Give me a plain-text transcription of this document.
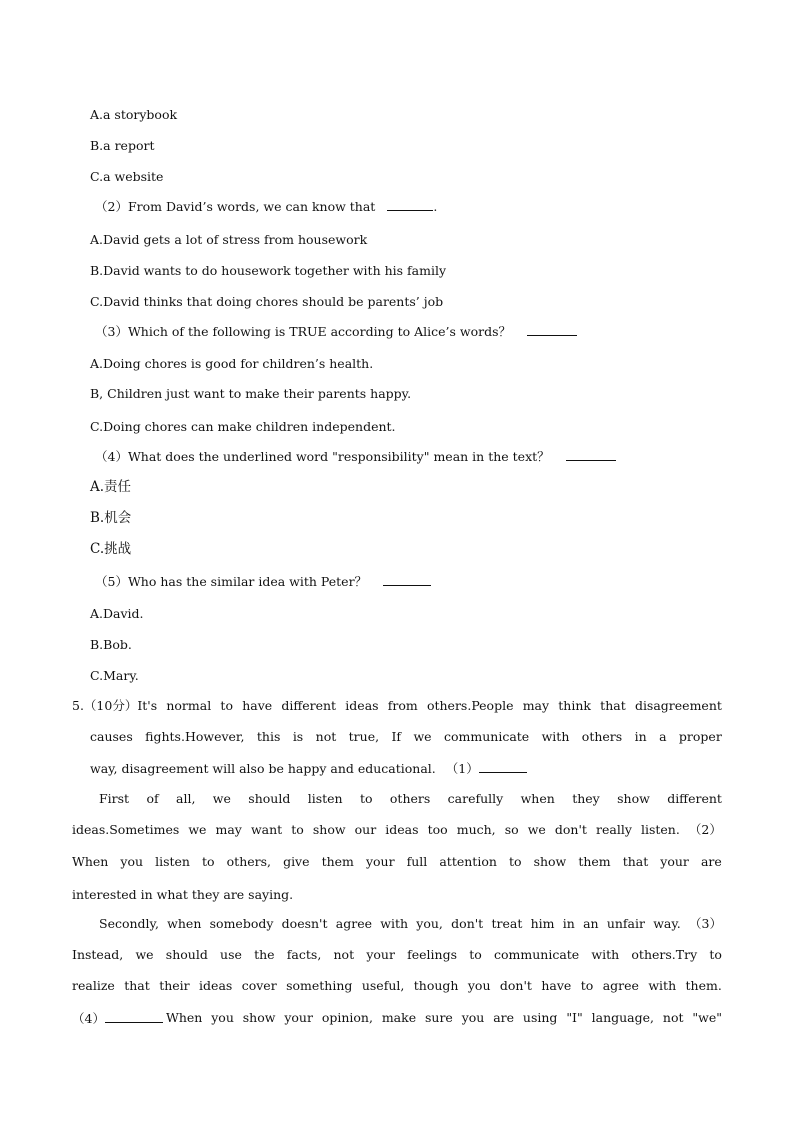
A.a storybook
B.a report
C.a website
（2）From David’s words, we can know that	.
A.David gets a lot of stress from housework
B.David wants to do housework together with his family
C.David thinks that doing chores should be parents’ job
（3）Which of the following is TRUE according to Alice’s words？
A.Doing chores is good for children’s health.
B, Children just want to make their parents happy.
C.Doing chores can make children independent.
（4）What does the underlined word "responsibility" mean in the text？
A.责任
B.机会
C.挑战
（5）Who has the similar idea with Peter？
A.David.
B.Bob.
C.Mary.
5.（10分）It's normal to have different ideas from others.People may think that disagreement
causes fights.However, this is not true, If we communicate with others in a proper
way, disagreement will also be happy and educational. （1）
First of all, we should listen to others carefully when they show different
ideas.Sometimes we may want to show our ideas too much, so we don't really listen. （2）
When you listen to others, give them your full attention to show them that your are
interested in what they are saying.
Secondly, when somebody doesn't agree with you, don't treat him in an unfair way. （3）
Instead, we should use the facts, not your feelings to communicate with others.Try to
realize that their ideas cover something useful, though you don't have to agree with them.
（4）	When you show your opinion, make sure you are using "I" language, not "we"
